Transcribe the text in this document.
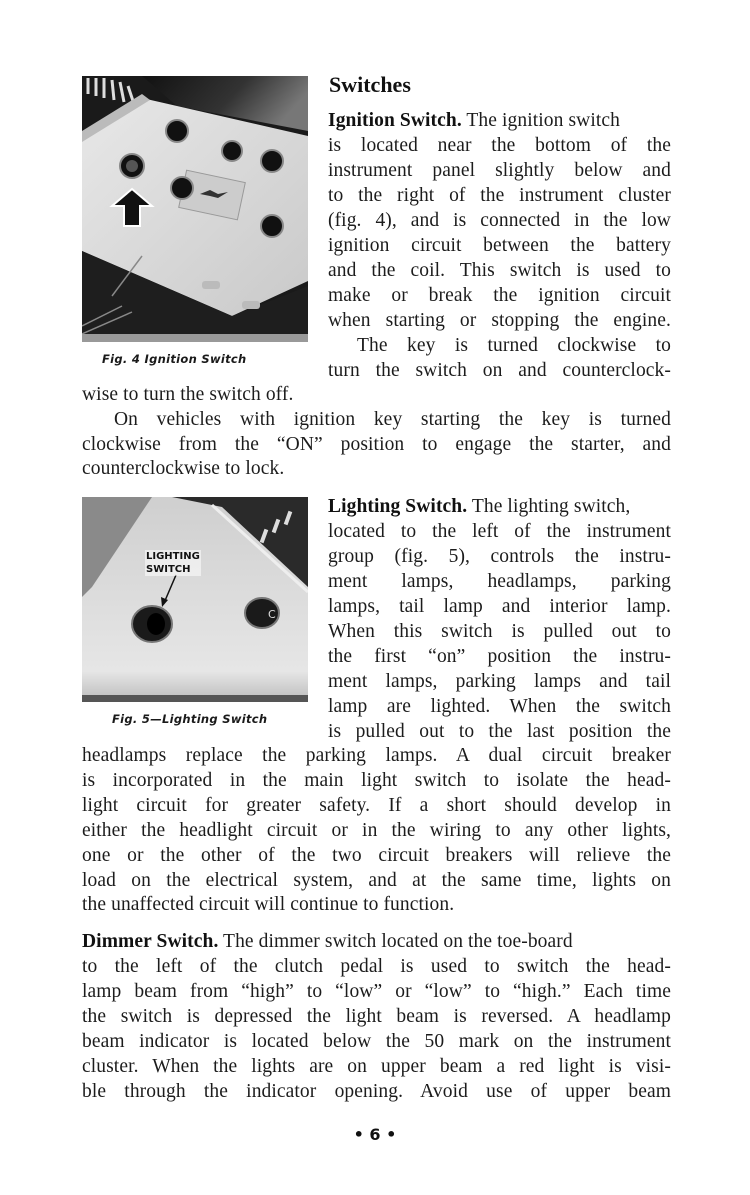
Fig. 4 Ignition Switch
Switches
Ignition Switch. The ignition switch
is located near the bottom of the
instrument panel slightly below and
to the right of the instrument cluster
(fig. 4), and is connected in the low
ignition circuit between the battery
and the coil. This switch is used to
make or break the ignition circuit
when starting or stopping the engine.
The key is turned clockwise to
turn the switch on and counterclock-
wise to turn the switch off.
On vehicles with ignition key starting the key is turned
clockwise from the “ON” position to engage the starter, and
counterclockwise to lock.
C
LIGHTING
SWITCH
Fig. 5—Lighting Switch
Lighting Switch. The lighting switch,
located to the left of the instrument
group (fig. 5), controls the instru-
ment lamps, headlamps, parking
lamps, tail lamp and interior lamp.
When this switch is pulled out to
the first “on” position the instru-
ment lamps, parking lamps and tail
lamp are lighted. When the switch
is pulled out to the last position the
headlamps replace the parking lamps. A dual circuit breaker
is incorporated in the main light switch to isolate the head-
light circuit for greater safety. If a short should develop in
either the headlight circuit or in the wiring to any other lights,
one or the other of the two circuit breakers will relieve the
load on the electrical system, and at the same time, lights on
the unaffected circuit will continue to function.
Dimmer Switch. The dimmer switch located on the toe-board
to the left of the clutch pedal is used to switch the head-
lamp beam from “high” to “low” or “low” to “high.” Each time
the switch is depressed the light beam is reversed. A headlamp
beam indicator is located below the 50 mark on the instrument
cluster. When the lights are on upper beam a red light is visi-
ble through the indicator opening. Avoid use of upper beam
• 6 •
